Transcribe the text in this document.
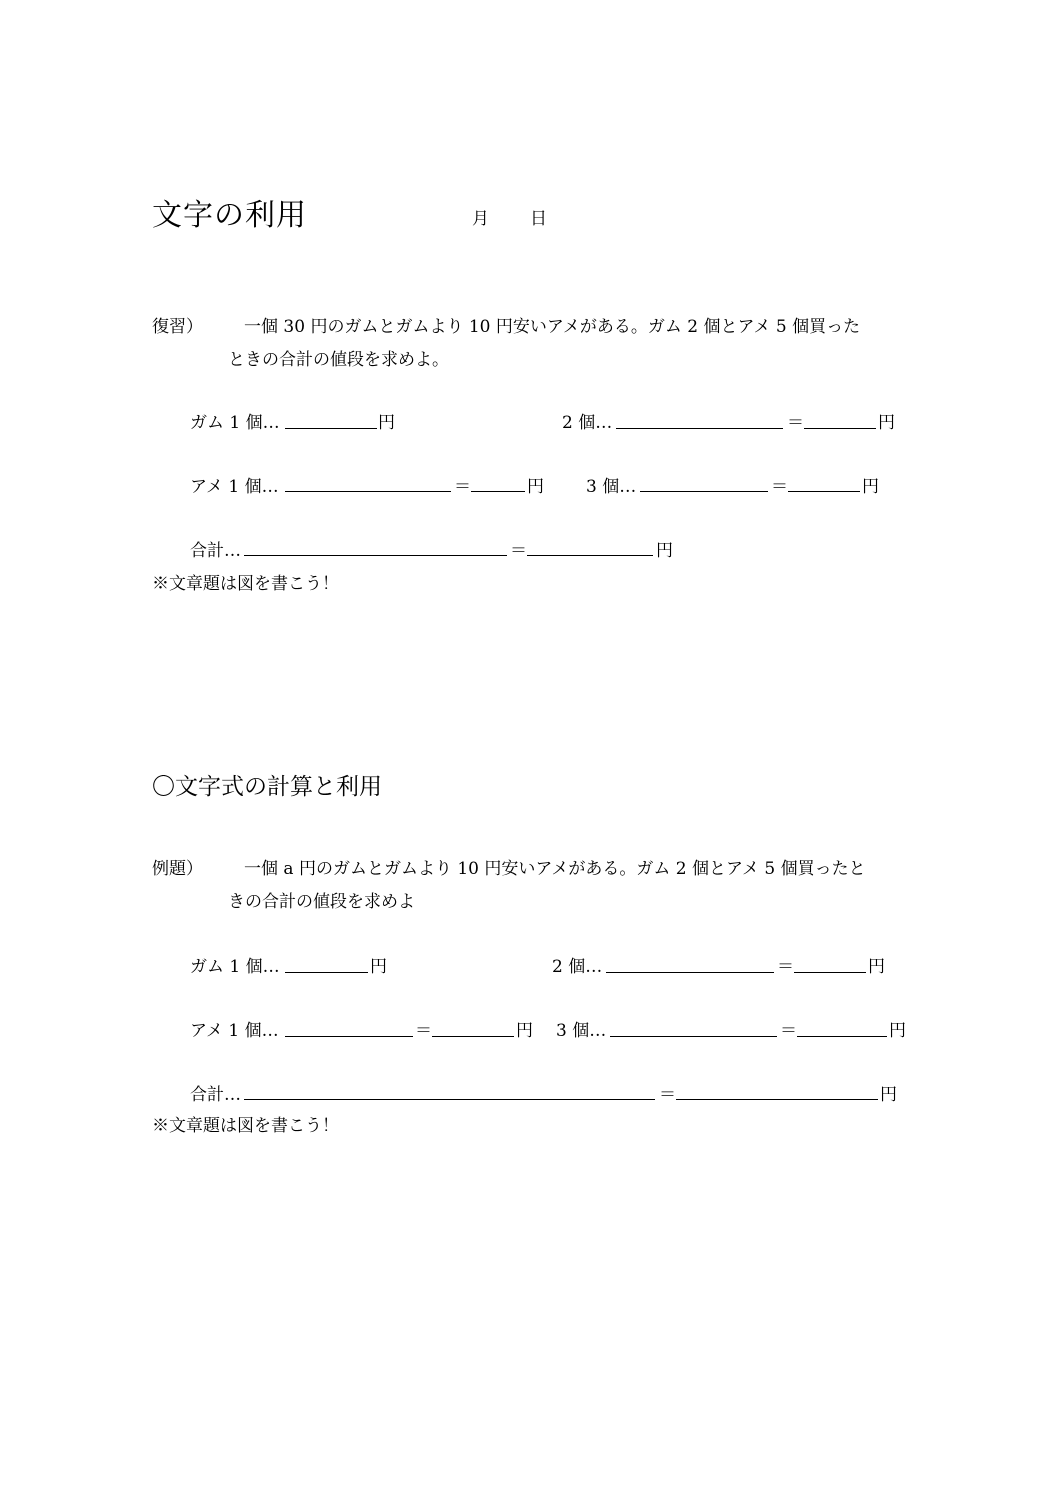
文字の利用	月 日
復習） 一個 30 円のガムとガムより 10 円安いアメがある。ガム 2 個とアメ 5 個買った
ときの合計の値段を求めよ。
ガム 1 個…	円	2 個…	＝	円
アメ 1 個…	＝	円 3 個…	＝	円
合計…	＝	円
※文章題は図を書こう！
〇文字式の計算と利用
例題） 一個 a 円のガムとガムより 10 円安いアメがある。ガム 2 個とアメ 5 個買ったと
きの合計の値段を求めよ
ガム 1 個…	円	2 個…	＝	円
アメ 1 個…	＝	円 3 個…	＝	円
合計…	＝	円
※文章題は図を書こう！
